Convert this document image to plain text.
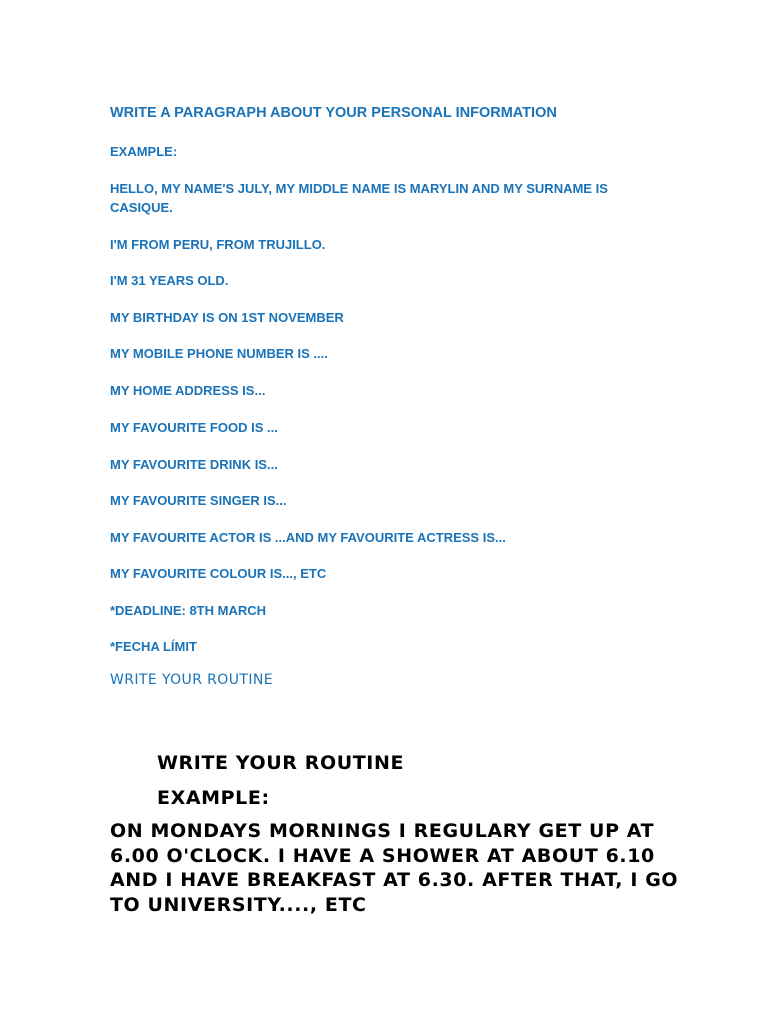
WRITE A PARAGRAPH ABOUT YOUR PERSONAL INFORMATION
EXAMPLE:
HELLO, MY NAME'S JULY, MY MIDDLE NAME IS MARYLIN AND MY SURNAME IS CASIQUE.
I'M FROM PERU, FROM TRUJILLO.
I'M 31 YEARS OLD.
MY BIRTHDAY IS ON 1ST NOVEMBER
MY MOBILE PHONE NUMBER IS ....
MY HOME ADDRESS IS...
MY FAVOURITE FOOD IS ...
MY FAVOURITE DRINK IS...
MY FAVOURITE SINGER IS...
MY FAVOURITE ACTOR IS ...AND MY FAVOURITE ACTRESS IS...
MY FAVOURITE COLOUR IS..., ETC
*DEADLINE: 8TH MARCH
*FECHA LÍMIT
WRITE YOUR ROUTINE
WRITE YOUR ROUTINE
EXAMPLE:
ON MONDAYS MORNINGS I REGULARY GET UP AT  6.00 O'CLOCK. I HAVE A SHOWER AT ABOUT 6.10 AND I HAVE BREAKFAST AT 6.30. AFTER THAT, I GO TO UNIVERSITY...., ETC
